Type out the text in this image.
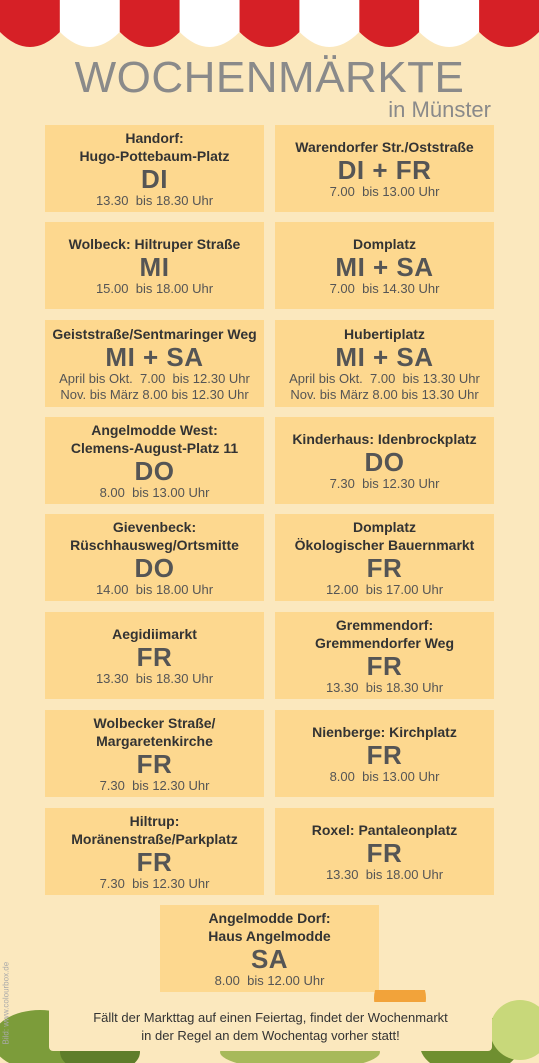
WOCHENMÄRKTE
in Münster
Handorf:
Hugo-Pottebaum-Platz
DI
13.30  bis 18.30 Uhr
Warendorfer Str./Oststraße
DI + FR
7.00  bis 13.00 Uhr
Wolbeck: Hiltruper Straße
MI
15.00  bis 18.00 Uhr
Domplatz
MI + SA
7.00  bis 14.30 Uhr
Geiststraße/Sentmaringer Weg
MI + SA
April bis Okt.  7.00  bis 12.30 Uhr
Nov. bis März 8.00 bis 12.30 Uhr
Hubertiplatz
MI + SA
April bis Okt.  7.00  bis 13.30 Uhr
Nov. bis März 8.00 bis 13.30 Uhr
Angelmodde West:
Clemens-August-Platz 11
DO
8.00  bis 13.00 Uhr
Kinderhaus: Idenbrockplatz
DO
7.30  bis 12.30 Uhr
Gievenbeck:
Rüschhausweg/Ortsmitte
DO
14.00  bis 18.00 Uhr
Domplatz
Ökologischer Bauernmarkt
FR
12.00  bis 17.00 Uhr
Aegidiimarkt
FR
13.30  bis 18.30 Uhr
Gremmendorf:
Gremmendorfer Weg
FR
13.30  bis 18.30 Uhr
Wolbecker Straße/
Margaretenkirche
FR
7.30  bis 12.30 Uhr
Nienberge: Kirchplatz
FR
8.00  bis 13.00 Uhr
Hiltrup:
Moränenstraße/Parkplatz
FR
7.30  bis 12.30 Uhr
Roxel: Pantaleonplatz
FR
13.30  bis 18.00 Uhr
Angelmodde Dorf:
Haus Angelmodde
SA
8.00  bis 12.00 Uhr
Fällt der Markttag auf einen Feiertag, findet der Wochenmarkt
in der Regel an dem Wochentag vorher statt!
Bild: www.colourbox.de
